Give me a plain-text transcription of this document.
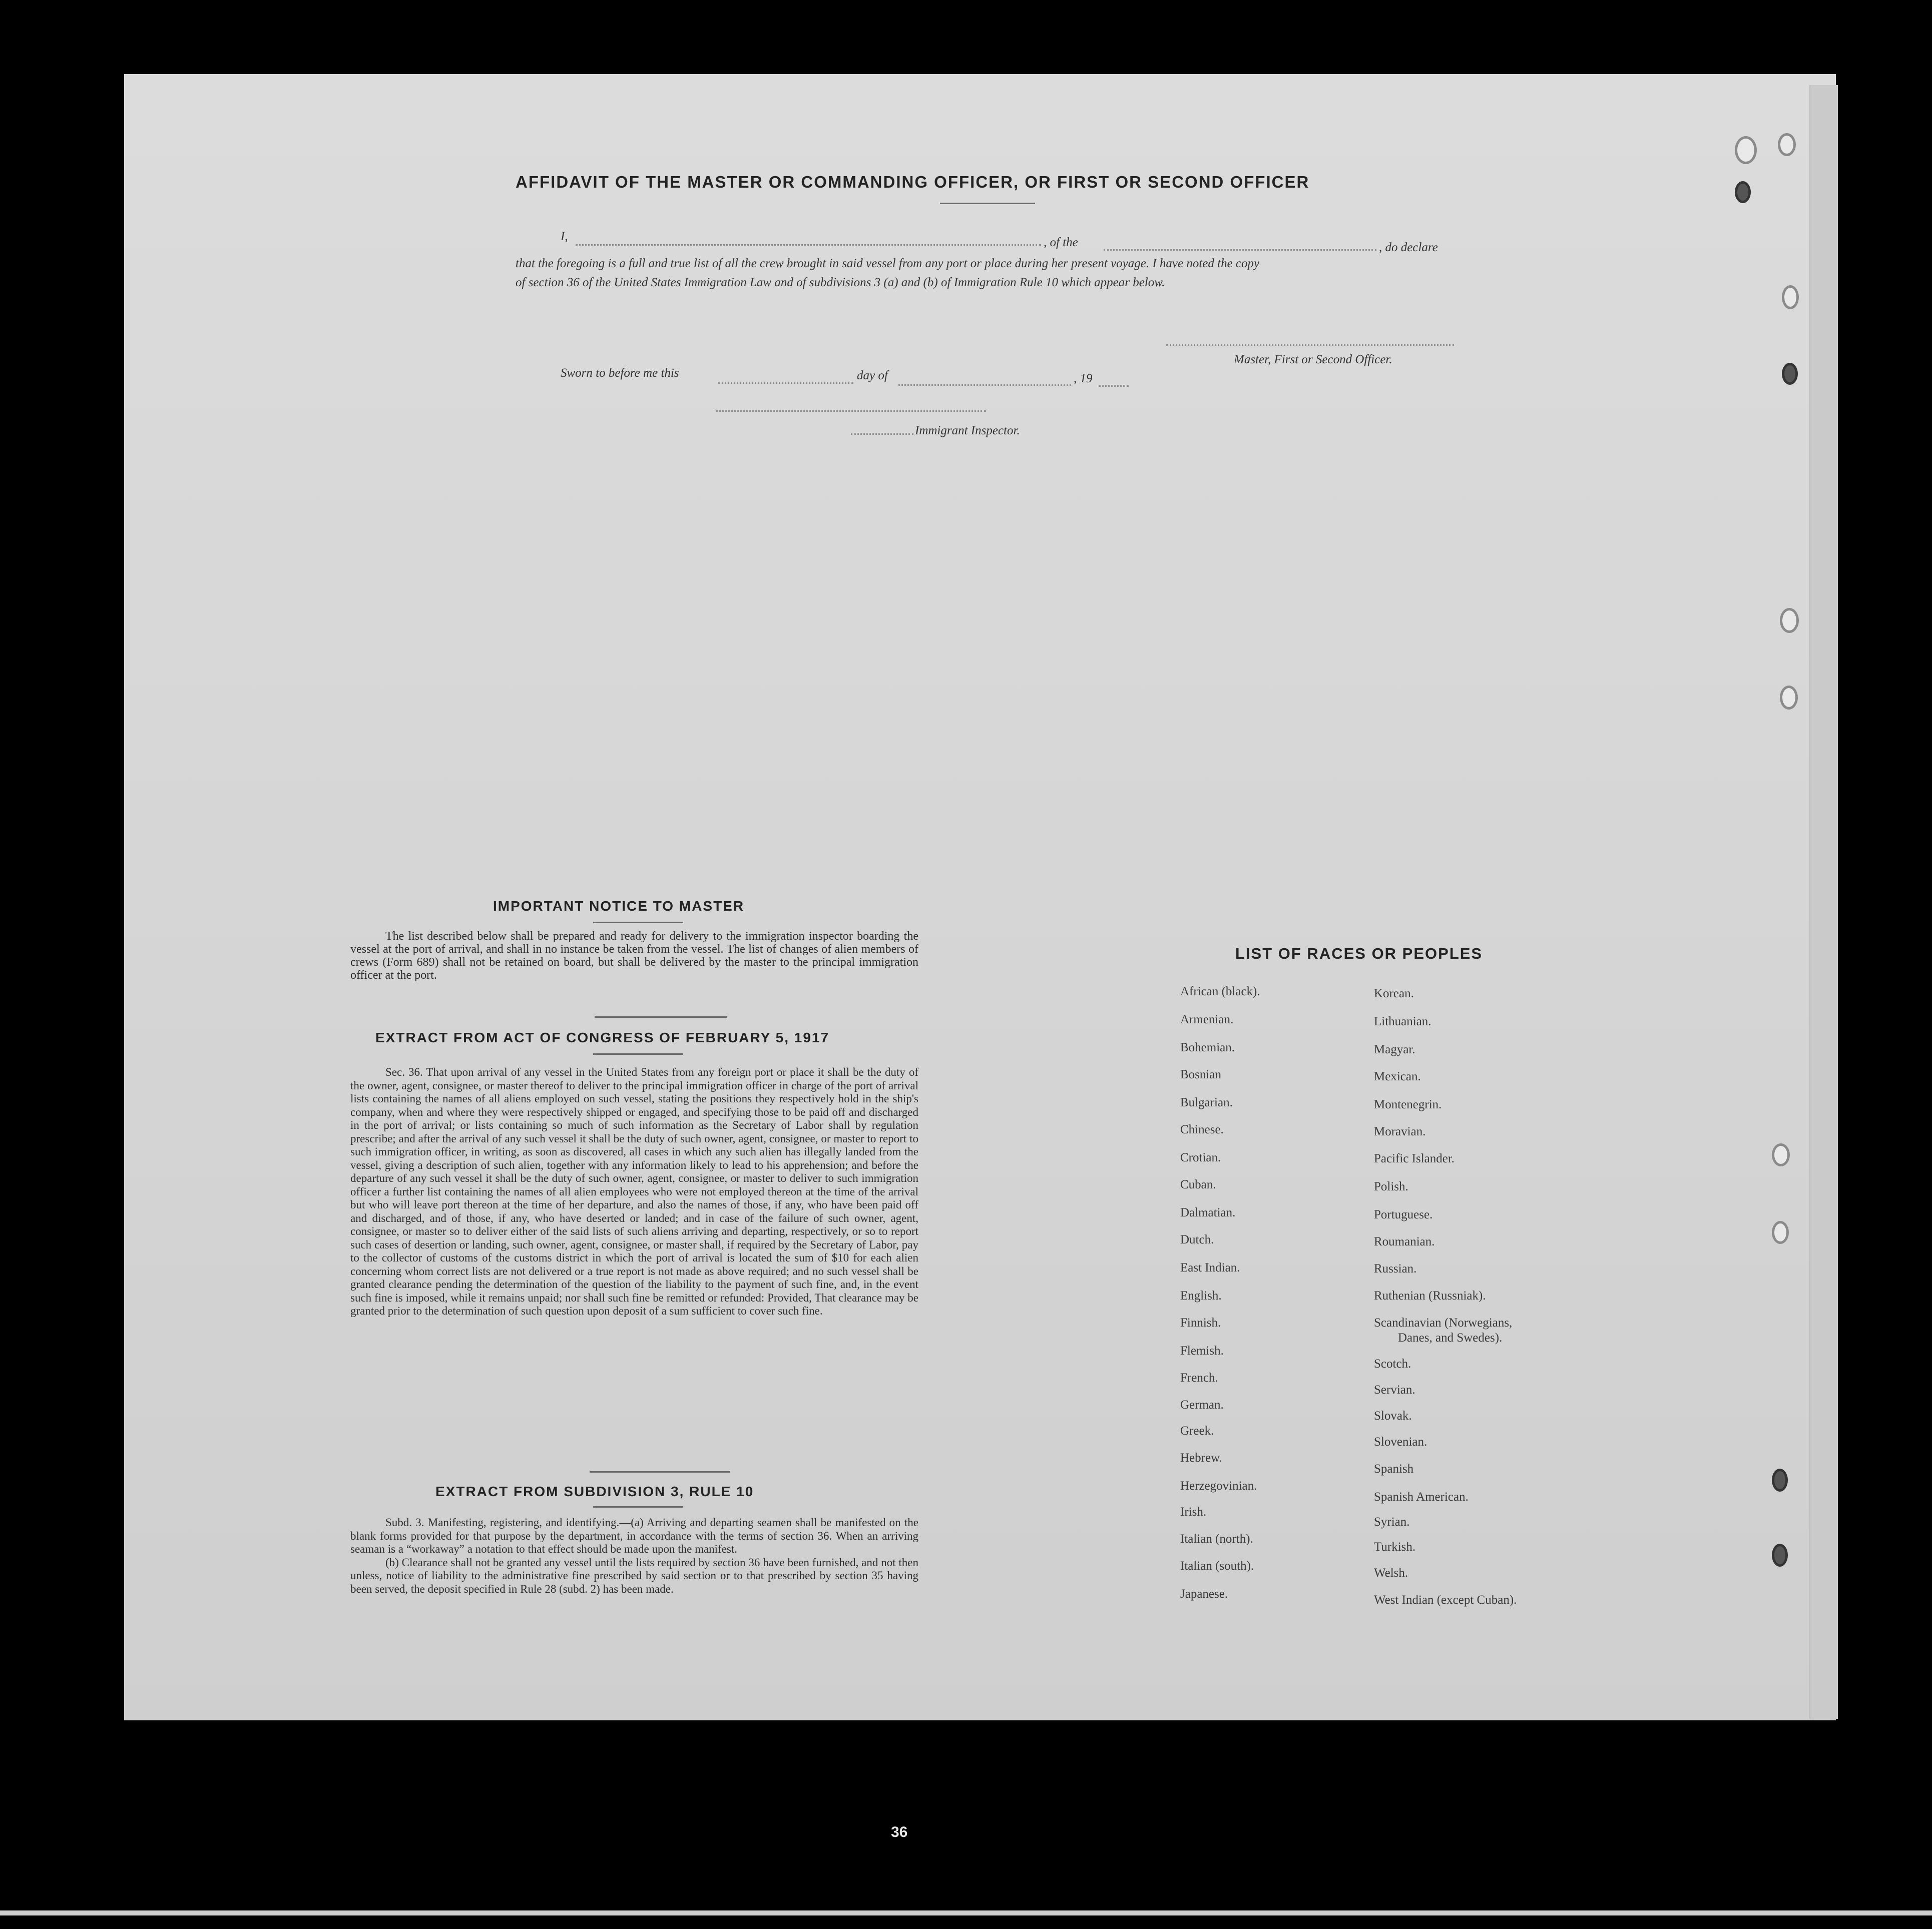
AFFIDAVIT OF THE MASTER OR COMMANDING OFFICER, OR FIRST OR SECOND OFFICER
I,	, of the	, do declare
that the foregoing is a full and true list of all the crew brought in said vessel from any port or place during her present voyage. I have noted the copy
of section 36 of the United States Immigration Law and of subdivisions 3 (a) and (b) of Immigration Rule 10 which appear below.
Master, First or Second Officer.
Sworn to before me this	day of	, 19
Immigrant Inspector.
IMPORTANT NOTICE TO MASTER

The list described below shall be prepared and ready for delivery to the immigration inspector boarding the vessel at the port of arrival, and shall in no instance be taken from the vessel. The list of changes of alien members of crews (Form 689) shall not be retained on board, but shall be delivered by the master to the principal immigration officer at the port.

EXTRACT FROM ACT OF CONGRESS OF FEBRUARY 5, 1917

Sec. 36. That upon arrival of any vessel in the United States from any foreign port or place it shall be the duty of the owner, agent, consignee, or master thereof to deliver to the principal immigration officer in charge of the port of arrival lists containing the names of all aliens employed on such vessel, stating the positions they respectively hold in the ship's company, when and where they were respectively shipped or engaged, and specifying those to be paid off and discharged in the port of arrival; or lists containing so much of such information as the Secretary of Labor shall by regulation prescribe; and after the arrival of any such vessel it shall be the duty of such owner, agent, consignee, or master to report to such immigration officer, in writing, as soon as discovered, all cases in which any such alien has illegally landed from the vessel, giving a description of such alien, together with any information likely to lead to his apprehension; and before the departure of any such vessel it shall be the duty of such owner, agent, consignee, or master to deliver to such immigration officer a further list containing the names of all alien employees who were not employed thereon at the time of the arrival but who will leave port thereon at the time of her departure, and also the names of those, if any, who have been paid off and discharged, and of those, if any, who have deserted or landed; and in case of the failure of such owner, agent, consignee, or master so to deliver either of the said lists of such aliens arriving and departing, respectively, or so to report such cases of desertion or landing, such owner, agent, consignee, or master shall, if required by the Secretary of Labor, pay to the collector of customs of the customs district in which the port of arrival is located the sum of $10 for each alien concerning whom correct lists are not delivered or a true report is not made as above required; and no such vessel shall be granted clearance pending the determination of the question of the liability to the payment of such fine, and, in the event such fine is imposed, while it remains unpaid; nor shall such fine be remitted or refunded: Provided, That clearance may be granted prior to the determination of such question upon deposit of a sum sufficient to cover such fine.

EXTRACT FROM SUBDIVISION 3, RULE 10

Subd. 3. Manifesting, registering, and identifying.—(a) Arriving and departing seamen shall be manifested on the blank forms provided for that purpose by the department, in accordance with the terms of section 36. When an arriving seaman is a “workaway” a notation to that effect should be made upon the manifest.

(b) Clearance shall not be granted any vessel until the lists required by section 36 have been furnished, and not then unless, notice of liability to the administrative fine prescribed by said section or to that prescribed by section 35 having been served, the deposit specified in Rule 28 (subd. 2) has been made.

LIST OF RACES OR PEOPLES
African (black).
Armenian.
Bohemian.
Bosnian
Bulgarian.
Chinese.
Crotian.
Cuban.
Dalmatian.
Dutch.
East Indian.
English.
Finnish.
Flemish.
French.
German.
Greek.
Hebrew.
Herzegovinian.
Irish.
Italian (north).
Italian (south).
Japanese.
Korean.
Lithuanian.
Magyar.
Mexican.
Montenegrin.
Moravian.
Pacific Islander.
Polish.
Portuguese.
Roumanian.
Russian.
Ruthenian (Russniak).
Scandinavian (Norwegians,
Danes, and Swedes).
Scotch.
Servian.
Slovak.
Slovenian.
Spanish
Spanish American.
Syrian.
Turkish.
Welsh.
West Indian (except Cuban).
36
